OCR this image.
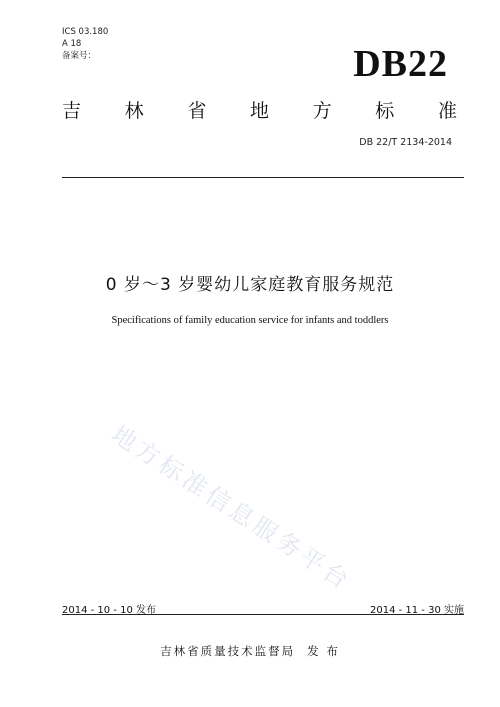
ICS 03.180
A 18
备案号：	DB22
吉 林 省 地 方 标 准
DB 22/T 2134-2014
0 岁～3 岁婴幼儿家庭教育服务规范
Specifications of family education service for infants and toddlers
地方标准信息服务平台
2014 - 10 - 10 发布	2014 - 11 - 30 实施
吉林省质量技术监督局 发 布
